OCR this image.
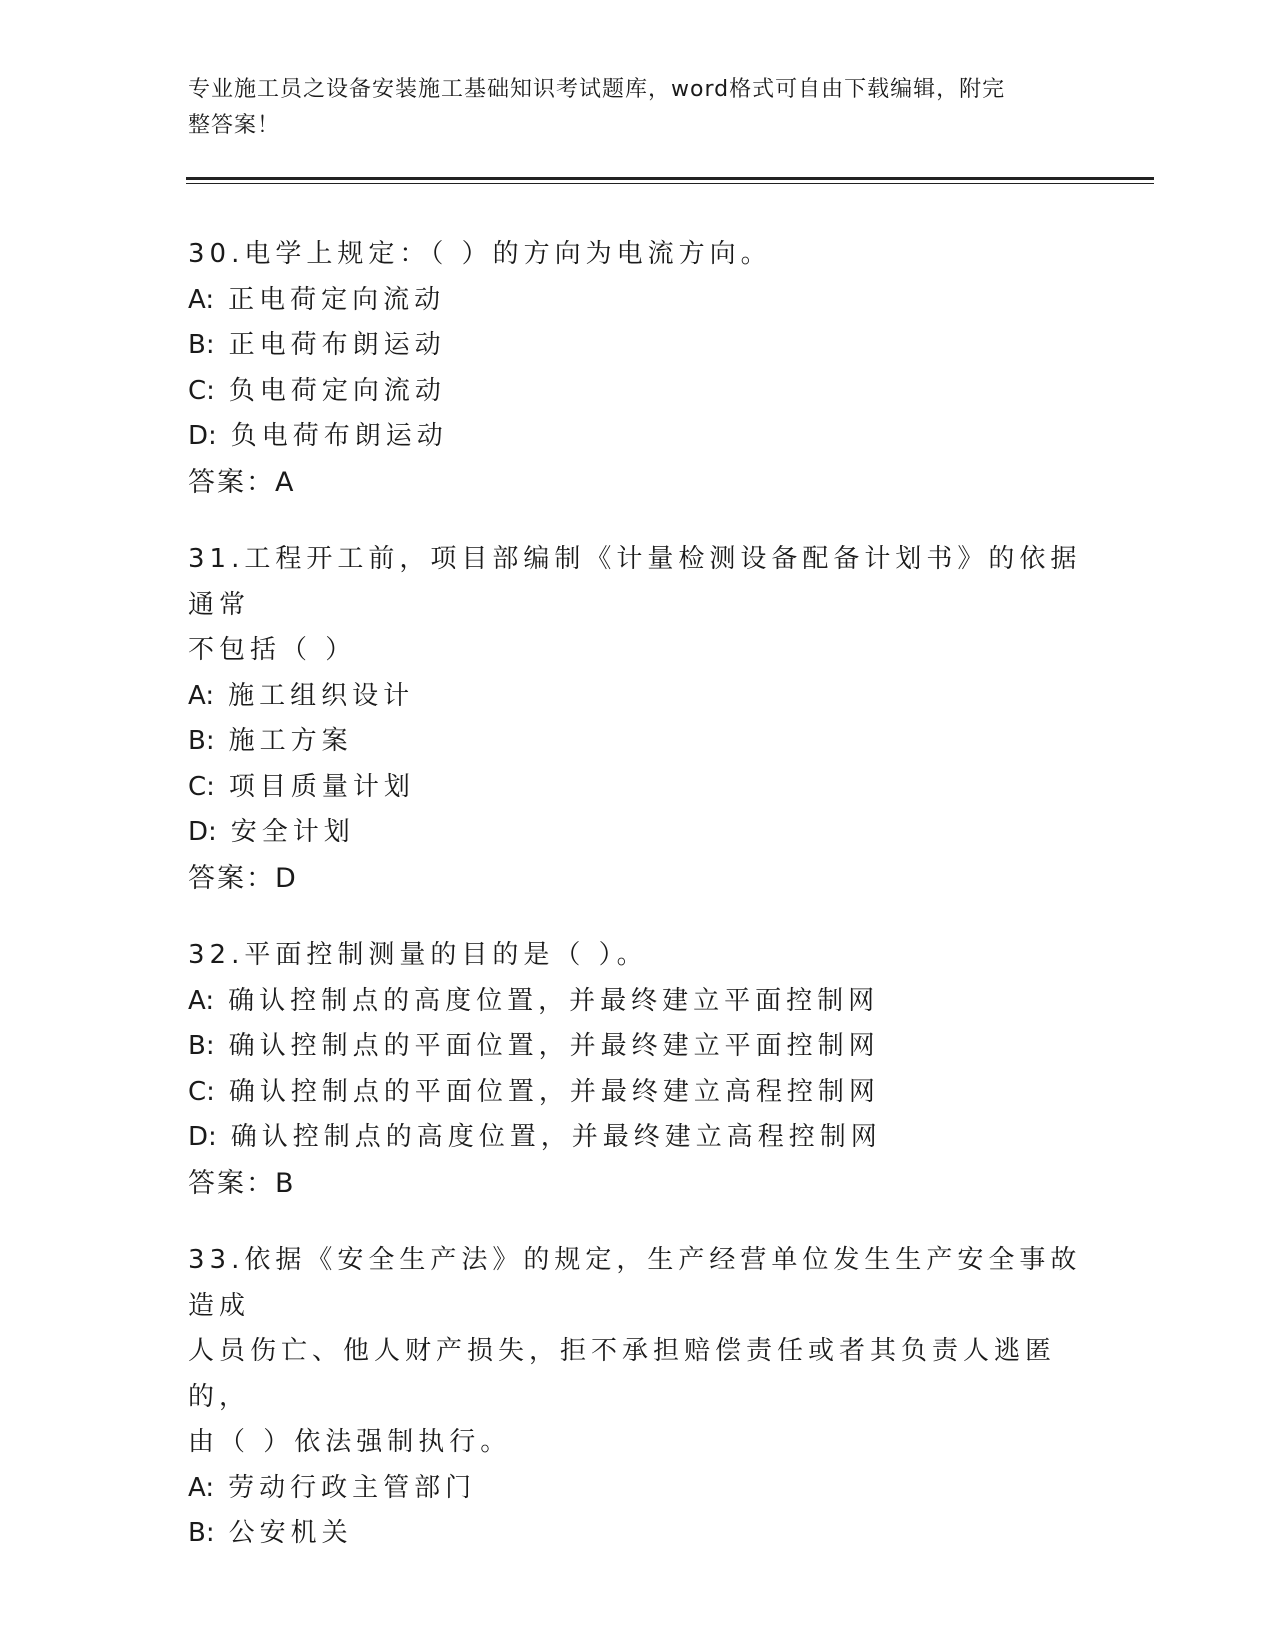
专业施工员之设备安装施工基础知识考试题库，word格式可自由下载编辑，附完
整答案！
30.电学上规定：（ ）的方向为电流方向。
A: 正电荷定向流动
B: 正电荷布朗运动
C: 负电荷定向流动
D: 负电荷布朗运动
答案：A
31.工程开工前，项目部编制《计量检测设备配备计划书》的依据通常
不包括（ ）
A: 施工组织设计
B: 施工方案
C: 项目质量计划
D: 安全计划
答案：D
32.平面控制测量的目的是（ ）。
A: 确认控制点的高度位置，并最终建立平面控制网
B: 确认控制点的平面位置，并最终建立平面控制网
C: 确认控制点的平面位置，并最终建立高程控制网
D: 确认控制点的高度位置，并最终建立高程控制网
答案：B
33.依据《安全生产法》的规定，生产经营单位发生生产安全事故造成
人员伤亡、他人财产损失，拒不承担赔偿责任或者其负责人逃匿的，
由（ ）依法强制执行。
A: 劳动行政主管部门
B: 公安机关
